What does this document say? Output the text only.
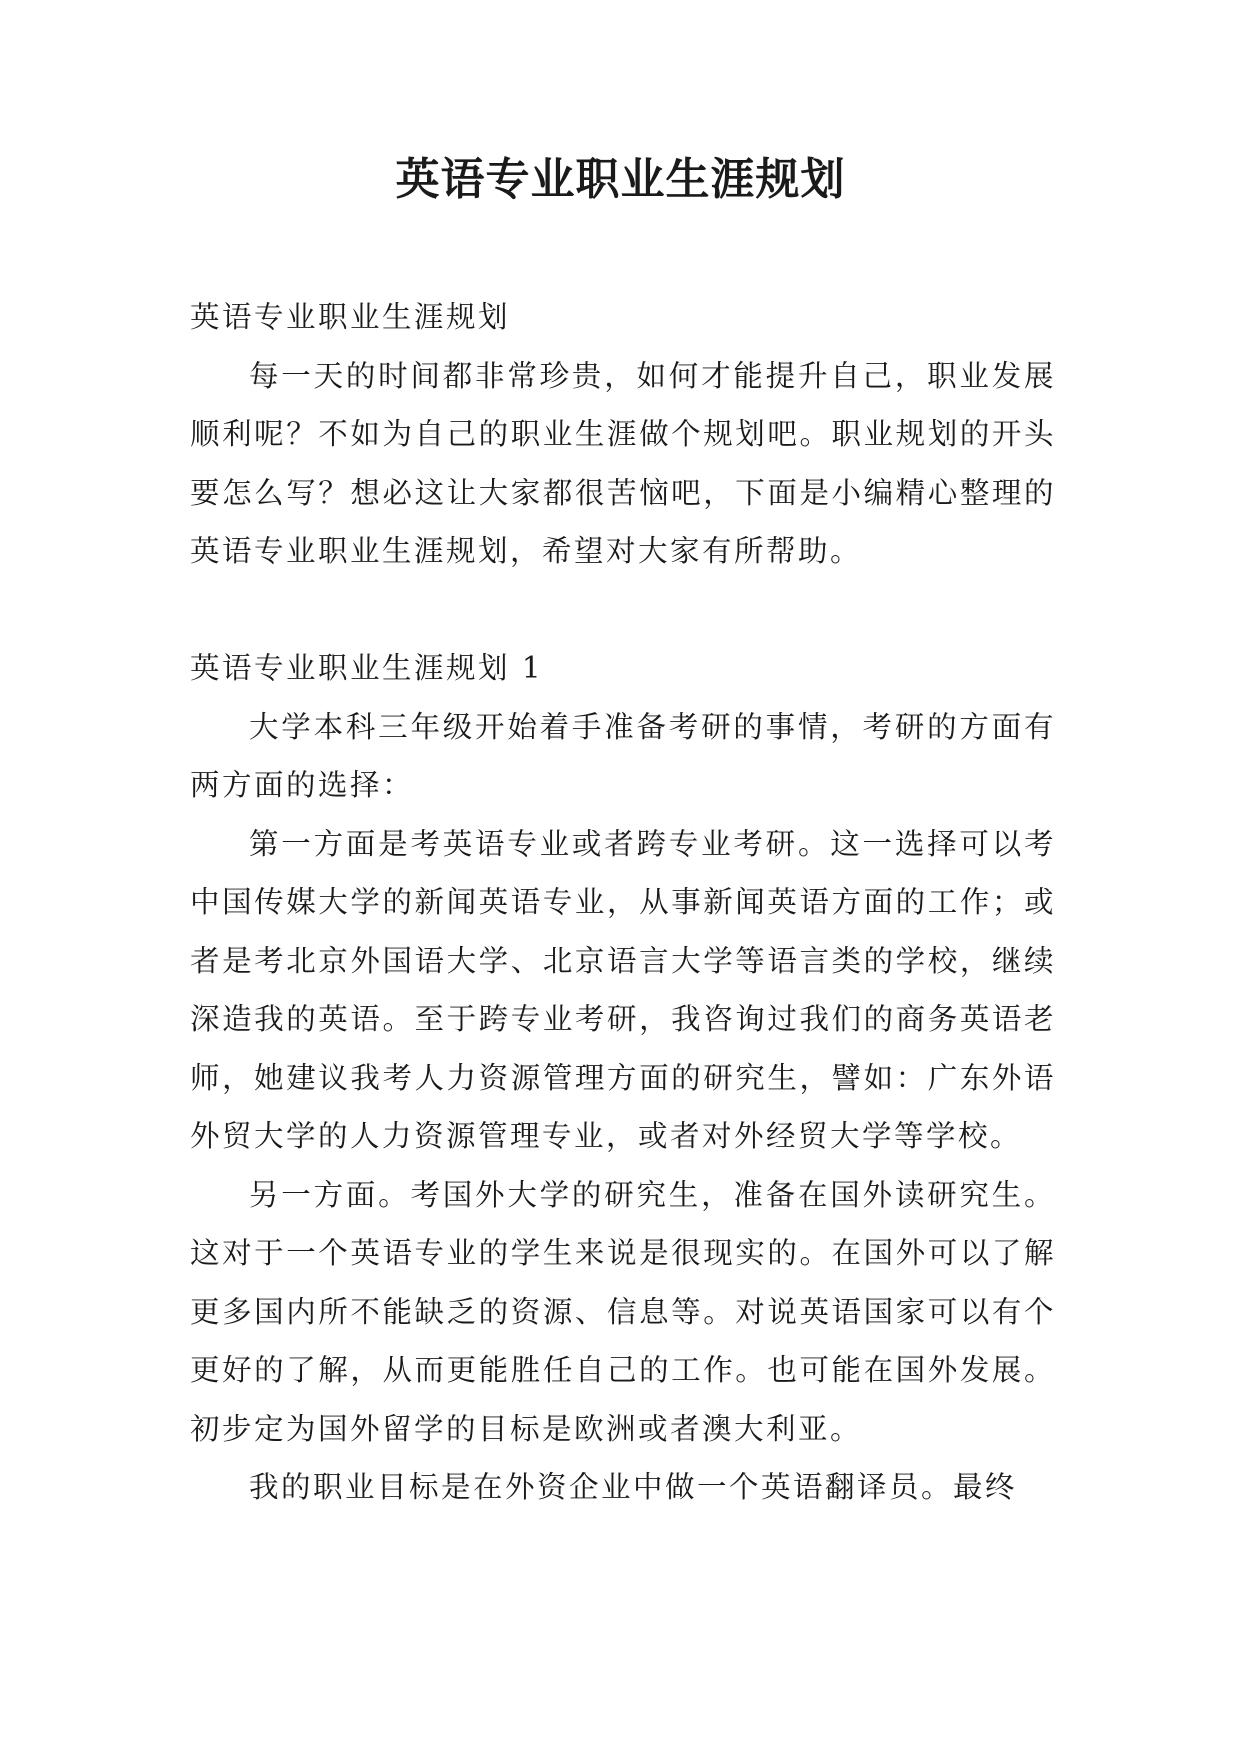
英语专业职业生涯规划

英语专业职业生涯规划

每一天的时间都非常珍贵，如何才能提升自己，职业发展顺利呢？不如为自己的职业生涯做个规划吧。职业规划的开头要怎么写？想必这让大家都很苦恼吧，下面是小编精心整理的英语专业职业生涯规划，希望对大家有所帮助。

英语专业职业生涯规划 1

大学本科三年级开始着手准备考研的事情，考研的方面有两方面的选择：

第一方面是考英语专业或者跨专业考研。这一选择可以考中国传媒大学的新闻英语专业，从事新闻英语方面的工作；或者是考北京外国语大学、北京语言大学等语言类的学校，继续深造我的英语。至于跨专业考研，我咨询过我们的商务英语老师，她建议我考人力资源管理方面的研究生，譬如：广东外语外贸大学的人力资源管理专业，或者对外经贸大学等学校。

另一方面。考国外大学的研究生，准备在国外读研究生。这对于一个英语专业的学生来说是很现实的。在国外可以了解更多国内所不能缺乏的资源、信息等。对说英语国家可以有个更好的了解，从而更能胜任自己的工作。也可能在国外发展。初步定为国外留学的目标是欧洲或者澳大利亚。

我的职业目标是在外资企业中做一个英语翻译员。最终
